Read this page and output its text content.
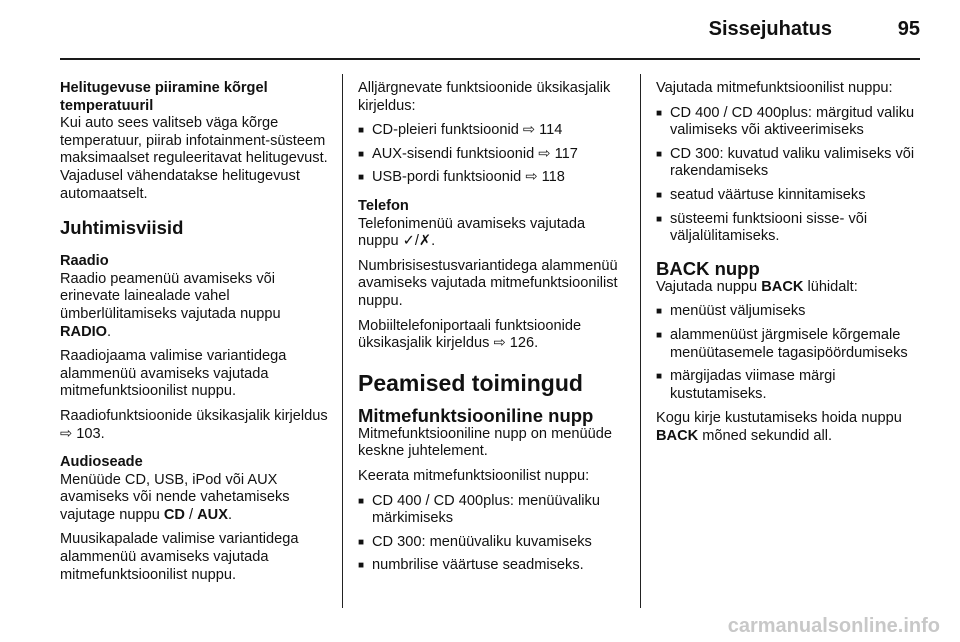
Sissejuhatus	95

Helitugevuse piiramine kõrgel temperatuuril

Kui auto sees valitseb väga kõrge temperatuur, piirab infotainment-süsteem maksimaalset reguleeritavat helitugevust. Vajadusel vähendatakse helitugevust automaatselt.

Juhtimisviisid

Raadio

Raadio peamenüü avamiseks või erinevate lainealade vahel ümberlülitamiseks vajutada nuppu RADIO.

Raadiojaama valimise variantidega alammenüü avamiseks vajutada mitmefunktsioonilist nuppu.

Raadiofunktsioonide üksikasjalik kirjeldus ⇨ 103.

Audioseade

Menüüde CD, USB, iPod või AUX avamiseks või nende vahetamiseks vajutage nuppu CD / AUX.

Muusikapalade valimise variantidega alammenüü avamiseks vajutada mitmefunktsioonilist nuppu.

Alljärgnevate funktsioonide üksikasjalik kirjeldus:

■ CD-pleieri funktsioonid ⇨ 114
■ AUX-sisendi funktsioonid ⇨ 117
■ USB-pordi funktsioonid ⇨ 118

Telefon

Telefonimenüü avamiseks vajutada nuppu ✓/✗.

Numbrisisestusvariantidega alammenüü avamiseks vajutada mitmefunktsioonilist nuppu.

Mobiiltelefoniportaali funktsioonide üksikasjalik kirjeldus ⇨ 126.

Peamised toimingud
Mitmefunktsiooniline nupp

Mitmefunktsiooniline nupp on menüüde keskne juhtelement.

Keerata mitmefunktsioonilist nuppu:

■ CD 400 / CD 400plus: menüüvaliku märkimiseks
■ CD 300: menüüvaliku kuvamiseks
■ numbrilise väärtuse seadmiseks.

Vajutada mitmefunktsioonilist nuppu:

■ CD 400 / CD 400plus: märgitud valiku valimiseks või aktiveerimiseks
■ CD 300: kuvatud valiku valimiseks või rakendamiseks
■ seatud väärtuse kinnitamiseks
■ süsteemi funktsiooni sisse- või väljalülitamiseks.
BACK nupp

Vajutada nuppu BACK lühidalt:

■ menüüst väljumiseks
■ alammenüüst järgmisele kõrgemale menüütasemele tagasipöördumiseks
■ märgijadas viimase märgi kustutamiseks.

Kogu kirje kustutamiseks hoida nuppu BACK mõned sekundid all.

carmanualsonline.info
